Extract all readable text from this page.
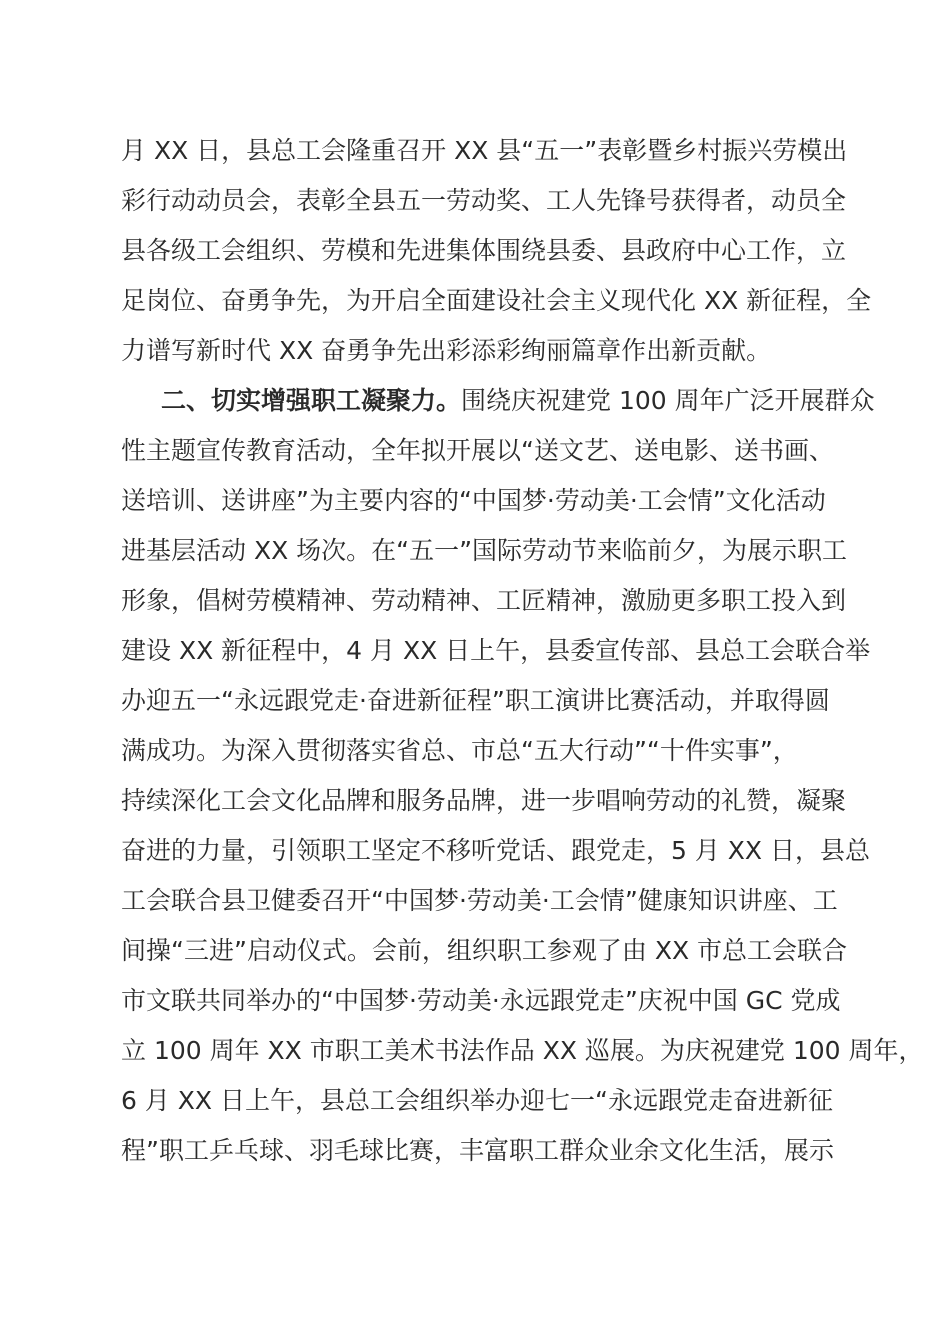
月 XX 日，县总工会隆重召开 XX 县“五一”表彰暨乡村振兴劳模出
彩行动动员会，表彰全县五一劳动奖、工人先锋号获得者，动员全
县各级工会组织、劳模和先进集体围绕县委、县政府中心工作，立
足岗位、奋勇争先，为开启全面建设社会主义现代化 XX 新征程，全
力谱写新时代 XX 奋勇争先出彩添彩绚丽篇章作出新贡献。
二、切实增强职工凝聚力。围绕庆祝建党 100 周年广泛开展群众
性主题宣传教育活动，全年拟开展以“送文艺、送电影、送书画、
送培训、送讲座”为主要内容的“中国梦·劳动美·工会情”文化活动
进基层活动 XX 场次。在“五一”国际劳动节来临前夕，为展示职工
形象，倡树劳模精神、劳动精神、工匠精神，激励更多职工投入到
建设 XX 新征程中，4 月 XX 日上午，县委宣传部、县总工会联合举
办迎五一“永远跟党走·奋进新征程”职工演讲比赛活动，并取得圆
满成功。为深入贯彻落实省总、市总“五大行动”“十件实事”，
持续深化工会文化品牌和服务品牌，进一步唱响劳动的礼赞，凝聚
奋进的力量，引领职工坚定不移听党话、跟党走，5 月 XX 日，县总
工会联合县卫健委召开“中国梦·劳动美·工会情”健康知识讲座、工
间操“三进”启动仪式。会前，组织职工参观了由 XX 市总工会联合
市文联共同举办的“中国梦·劳动美·永远跟党走”庆祝中国 GC 党成
立 100 周年 XX 市职工美术书法作品 XX 巡展。为庆祝建党 100 周年，
6 月 XX 日上午，县总工会组织举办迎七一“永远跟党走奋进新征
程”职工乒乓球、羽毛球比赛，丰富职工群众业余文化生活，展示
